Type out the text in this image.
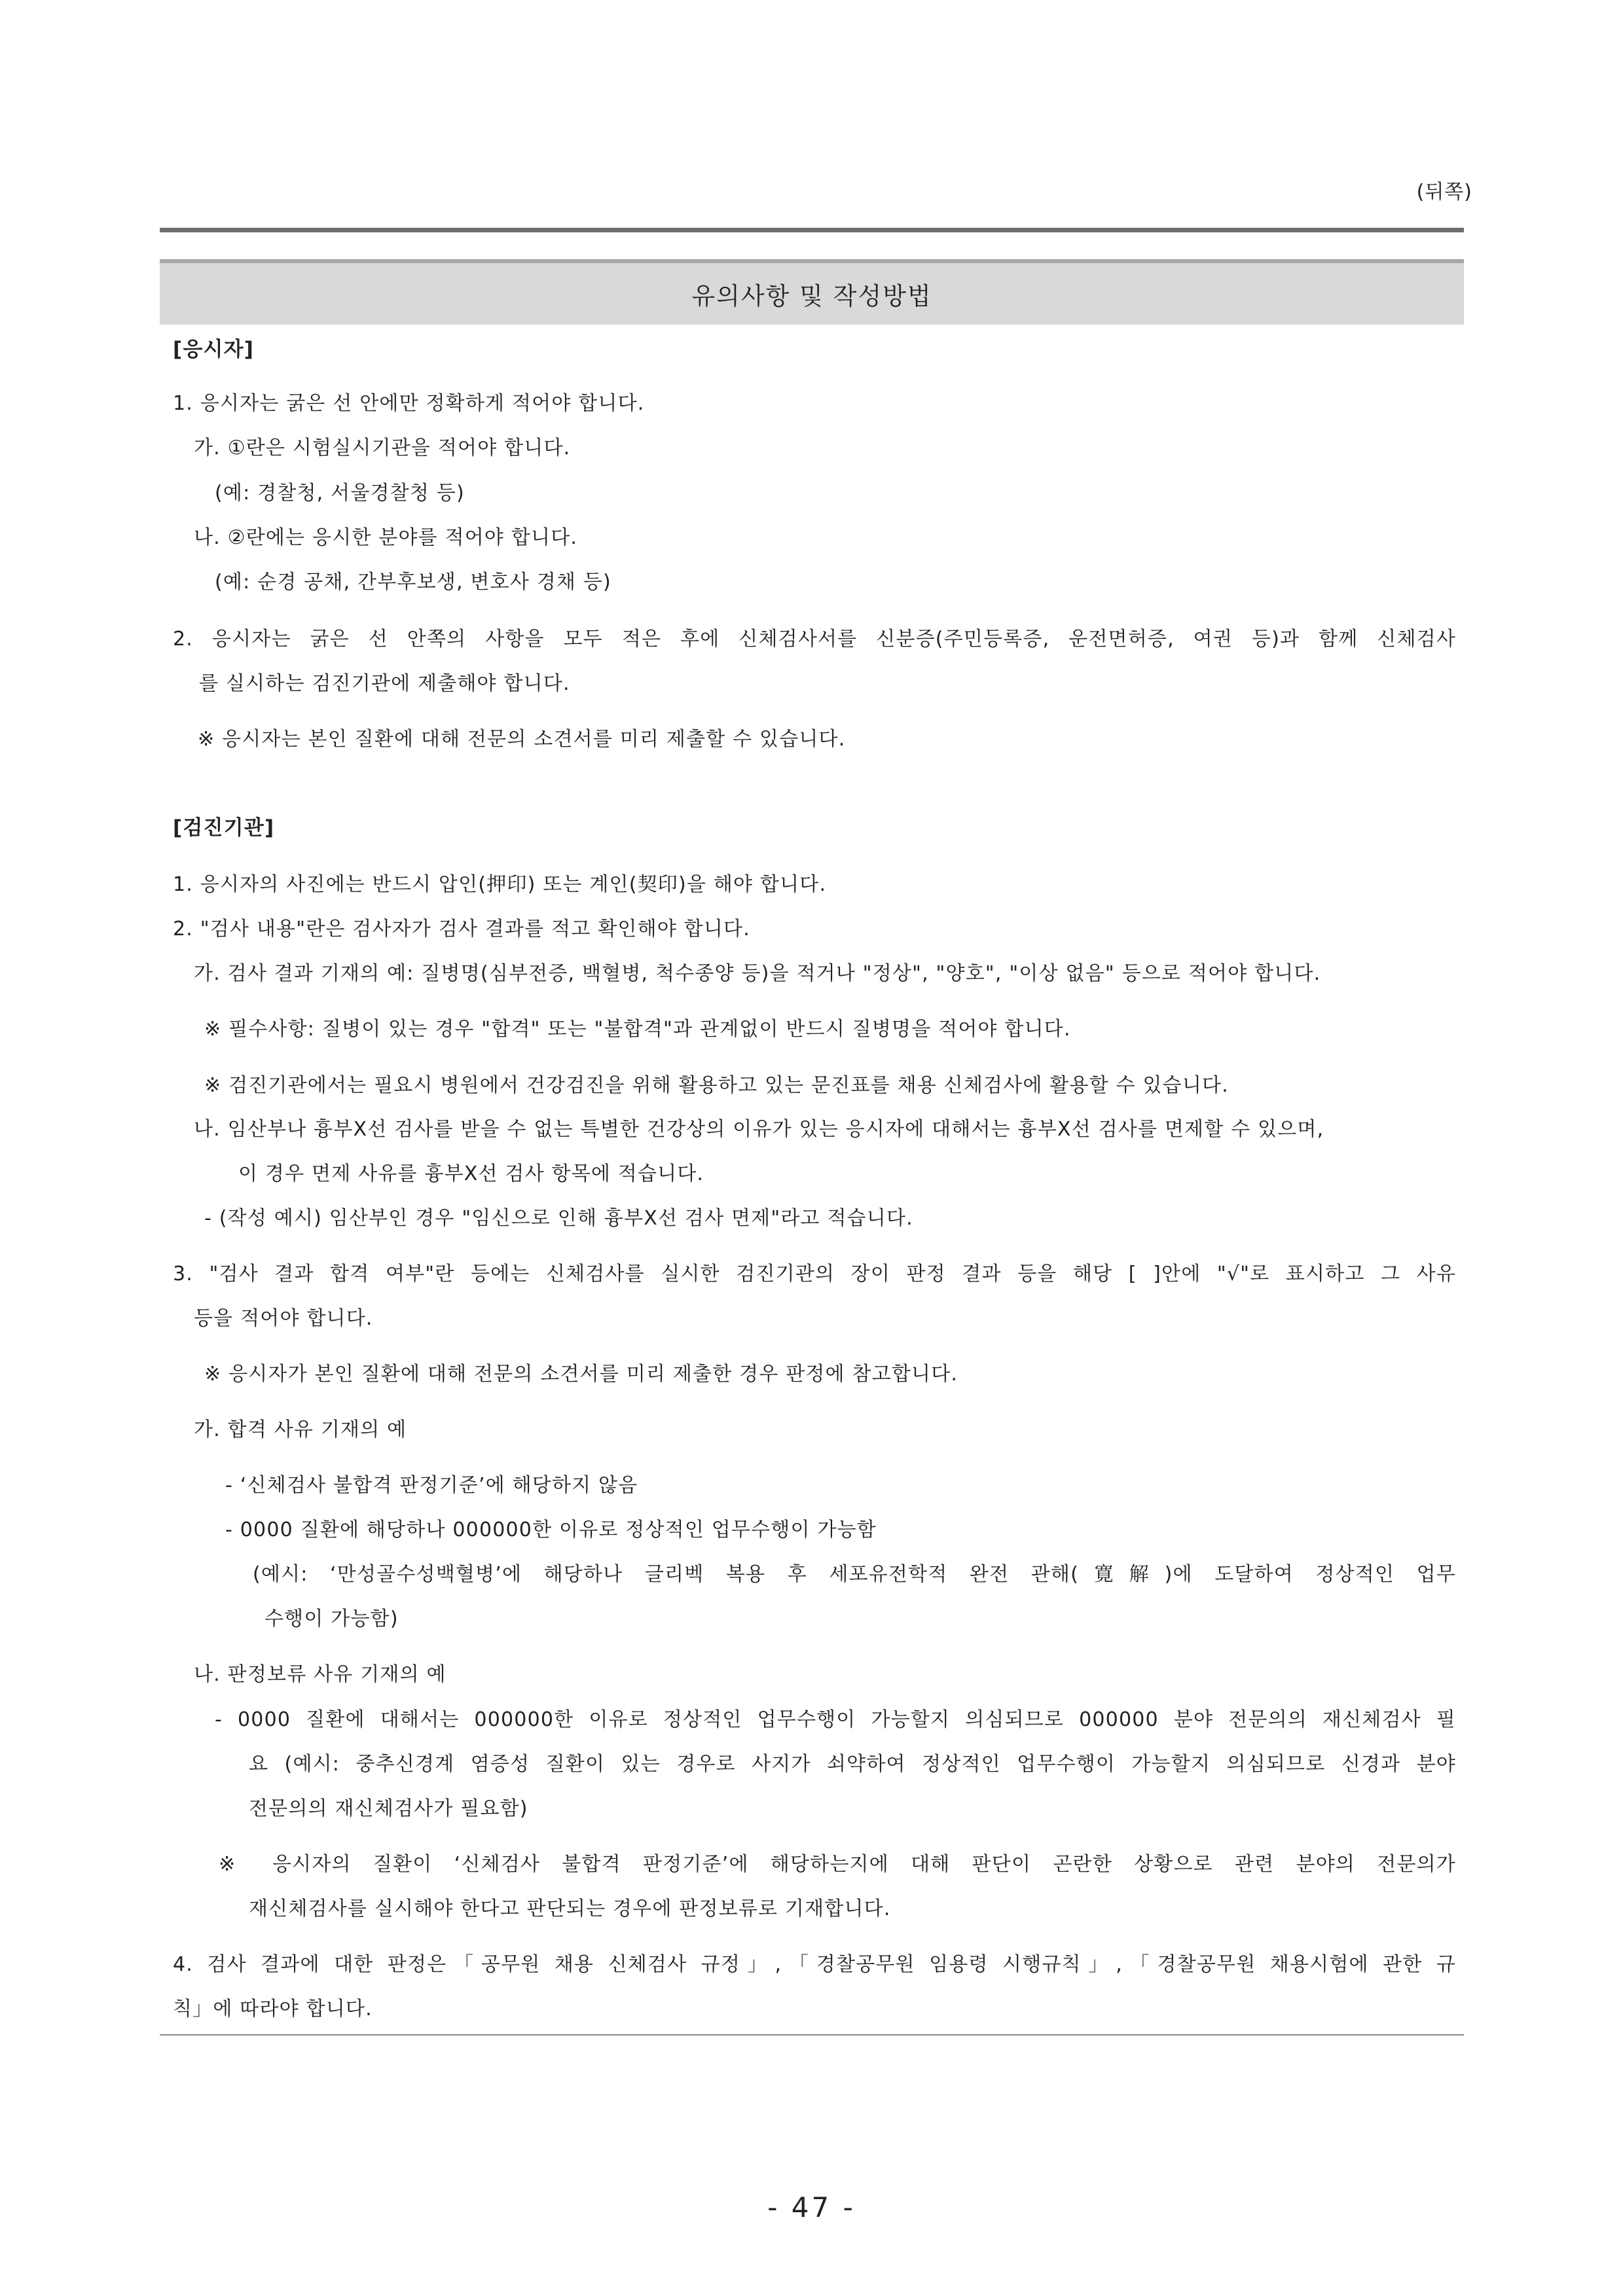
(뒤쪽)
유의사항 및 작성방법
[응시자]
1. 응시자는 굵은 선 안에만 정확하게 적어야 합니다.
가. ①란은 시험실시기관을 적어야 합니다.
(예: 경찰청, 서울경찰청 등)
나. ②란에는 응시한 분야를 적어야 합니다.
(예: 순경 공채, 간부후보생, 변호사 경채 등)
2. 응시자는 굵은 선 안쪽의 사항을 모두 적은 후에 신체검사서를 신분증(주민등록증, 운전면허증, 여권 등)과 함께 신체검사
를 실시하는 검진기관에 제출해야 합니다.
※ 응시자는 본인 질환에 대해 전문의 소견서를 미리 제출할 수 있습니다.
[검진기관]
1. 응시자의 사진에는 반드시 압인(押印) 또는 계인(契印)을 해야 합니다.
2. "검사 내용"란은 검사자가 검사 결과를 적고 확인해야 합니다.
가. 검사 결과 기재의 예: 질병명(심부전증, 백혈병, 척수종양 등)을 적거나 "정상", "양호", "이상 없음" 등으로 적어야 합니다.
※ 필수사항: 질병이 있는 경우 "합격" 또는 "불합격"과 관계없이 반드시 질병명을 적어야 합니다.
※ 검진기관에서는 필요시 병원에서 건강검진을 위해 활용하고 있는 문진표를 채용 신체검사에 활용할 수 있습니다.
나. 임산부나 흉부X선 검사를 받을 수 없는 특별한 건강상의 이유가 있는 응시자에 대해서는 흉부X선 검사를 면제할 수 있으며,
이 경우 면제 사유를 흉부X선 검사 항목에 적습니다.
- (작성 예시) 임산부인 경우 "임신으로 인해 흉부X선 검사 면제"라고 적습니다.
3. "검사 결과 합격 여부"란 등에는 신체검사를 실시한 검진기관의 장이 판정 결과 등을 해당 [ ]안에 "√"로 표시하고 그 사유
등을 적어야 합니다.
※ 응시자가 본인 질환에 대해 전문의 소견서를 미리 제출한 경우 판정에 참고합니다.
가. 합격 사유 기재의 예
- ‘신체검사 불합격 판정기준’에 해당하지 않음
- 0000 질환에 해당하나 000000한 이유로 정상적인 업무수행이 가능함
(예시: ‘만성골수성백혈병’에 해당하나 글리벡 복용 후 세포유전학적 완전 관해(寛解)에 도달하여 정상적인 업무
수행이 가능함)
나. 판정보류 사유 기재의 예
- 0000 질환에 대해서는 000000한 이유로 정상적인 업무수행이 가능할지 의심되므로 000000 분야 전문의의 재신체검사 필
요 (예시: 중추신경계 염증성 질환이 있는 경우로 사지가 쇠약하여 정상적인 업무수행이 가능할지 의심되므로 신경과 분야
전문의의 재신체검사가 필요함)
※ 응시자의 질환이 ‘신체검사 불합격 판정기준’에 해당하는지에 대해 판단이 곤란한 상황으로 관련 분야의 전문의가
재신체검사를 실시해야 한다고 판단되는 경우에 판정보류로 기재합니다.
4. 검사 결과에 대한 판정은「공무원 채용 신체검사 규정」,「경찰공무원 임용령 시행규칙」,「경찰공무원 채용시험에 관한 규
칙」에 따라야 합니다.
- 47 -
